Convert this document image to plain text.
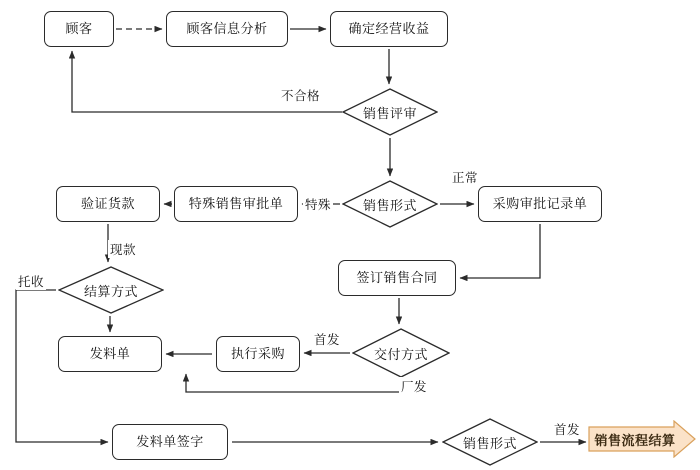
顾客	顾客信息分析	确定经营收益
验证货款	特殊销售审批单	采购审批记录单
签订销售合同
发料单	执行采购
发料单签字
销售评审
销售形式
结算方式
交付方式
销售形式
不合格
特殊
正常
现款
托收
首发
厂发
首发
销售流程结算
